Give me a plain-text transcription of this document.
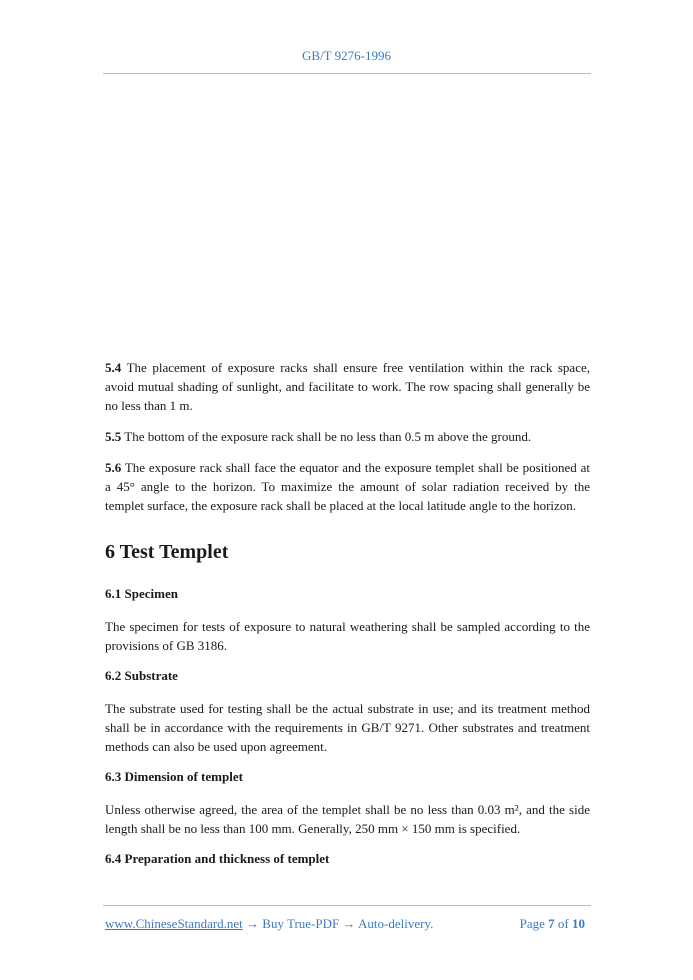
GB/T 9276-1996
5.4 The placement of exposure racks shall ensure free ventilation within the rack space, avoid mutual shading of sunlight, and facilitate to work. The row spacing shall generally be no less than 1 m.
5.5 The bottom of the exposure rack shall be no less than 0.5 m above the ground.
5.6 The exposure rack shall face the equator and the exposure templet shall be positioned at a 45° angle to the horizon. To maximize the amount of solar radiation received by the templet surface, the exposure rack shall be placed at the local latitude angle to the horizon.
6 Test Templet
6.1 Specimen
The specimen for tests of exposure to natural weathering shall be sampled according to the provisions of GB 3186.
6.2 Substrate
The substrate used for testing shall be the actual substrate in use; and its treatment method shall be in accordance with the requirements in GB/T 9271. Other substrates and treatment methods can also be used upon agreement.
6.3 Dimension of templet
Unless otherwise agreed, the area of the templet shall be no less than 0.03 m², and the side length shall be no less than 100 mm. Generally, 250 mm × 150 mm is specified.
6.4 Preparation and thickness of templet
www.ChineseStandard.net → Buy True-PDF → Auto-delivery.	Page 7 of 10
